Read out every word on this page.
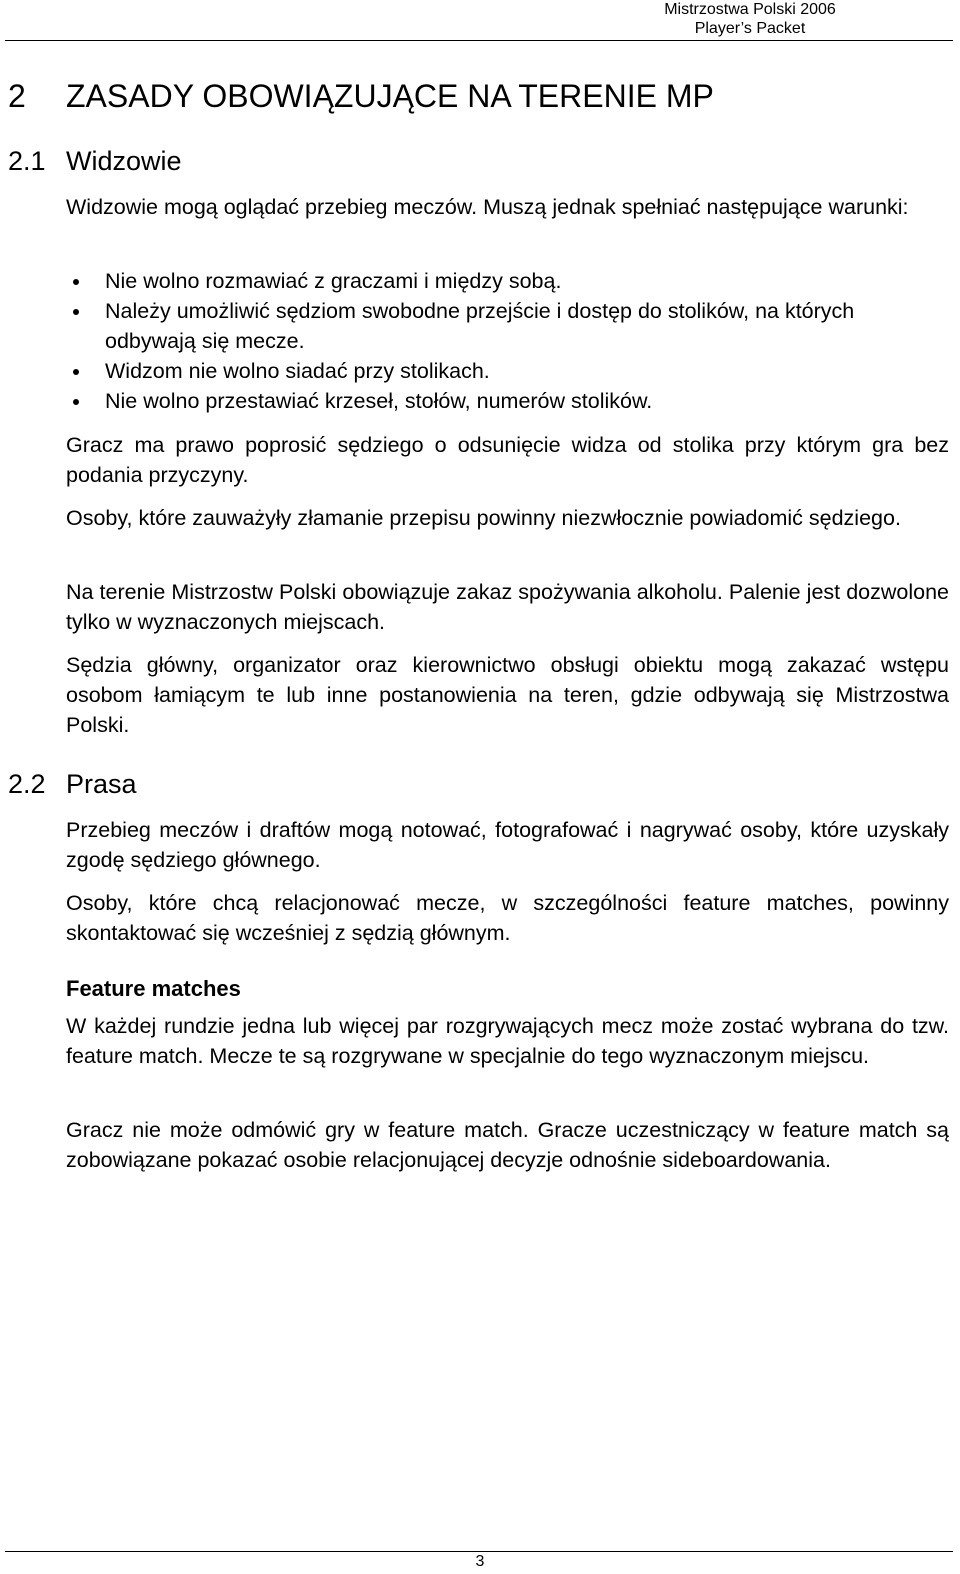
Mistrzostwa Polski 2006
Player’s Packet
2 ZASADY OBOWIĄZUJĄCE NA TERENIE MP
2.1 Widzowie
Widzowie mogą oglądać przebieg meczów. Muszą jednak spełniać następujące warunki:
Nie wolno rozmawiać z graczami i między sobą.
Należy umożliwić sędziom swobodne przejście i dostęp do stolików, na których odbywają się mecze.
Widzom nie wolno siadać przy stolikach.
Nie wolno przestawiać krzeseł, stołów, numerów stolików.
Gracz ma prawo poprosić sędziego o odsunięcie widza od stolika przy którym gra bez podania przyczyny.
Osoby, które zauważyły złamanie przepisu powinny niezwłocznie powiadomić sędziego.
Na terenie Mistrzostw Polski obowiązuje zakaz spożywania alkoholu. Palenie jest dozwolone tylko w wyznaczonych miejscach.
Sędzia główny, organizator oraz kierownictwo obsługi obiektu mogą zakazać wstępu osobom łamiącym te lub inne postanowienia na teren, gdzie odbywają się Mistrzostwa Polski.
2.2 Prasa
Przebieg meczów i draftów mogą notować, fotografować i nagrywać osoby, które uzyskały zgodę sędziego głównego.
Osoby, które chcą relacjonować mecze, w szczególności feature matches, powinny skontaktować się wcześniej z sędzią głównym.
Feature matches
W każdej rundzie jedna lub więcej par rozgrywających mecz może zostać wybrana do tzw. feature match. Mecze te są rozgrywane w specjalnie do tego wyznaczonym miejscu.
Gracz nie może odmówić gry w feature match. Gracze uczestniczący w feature match są zobowiązane pokazać osobie relacjonującej decyzje odnośnie sideboardowania.
3
